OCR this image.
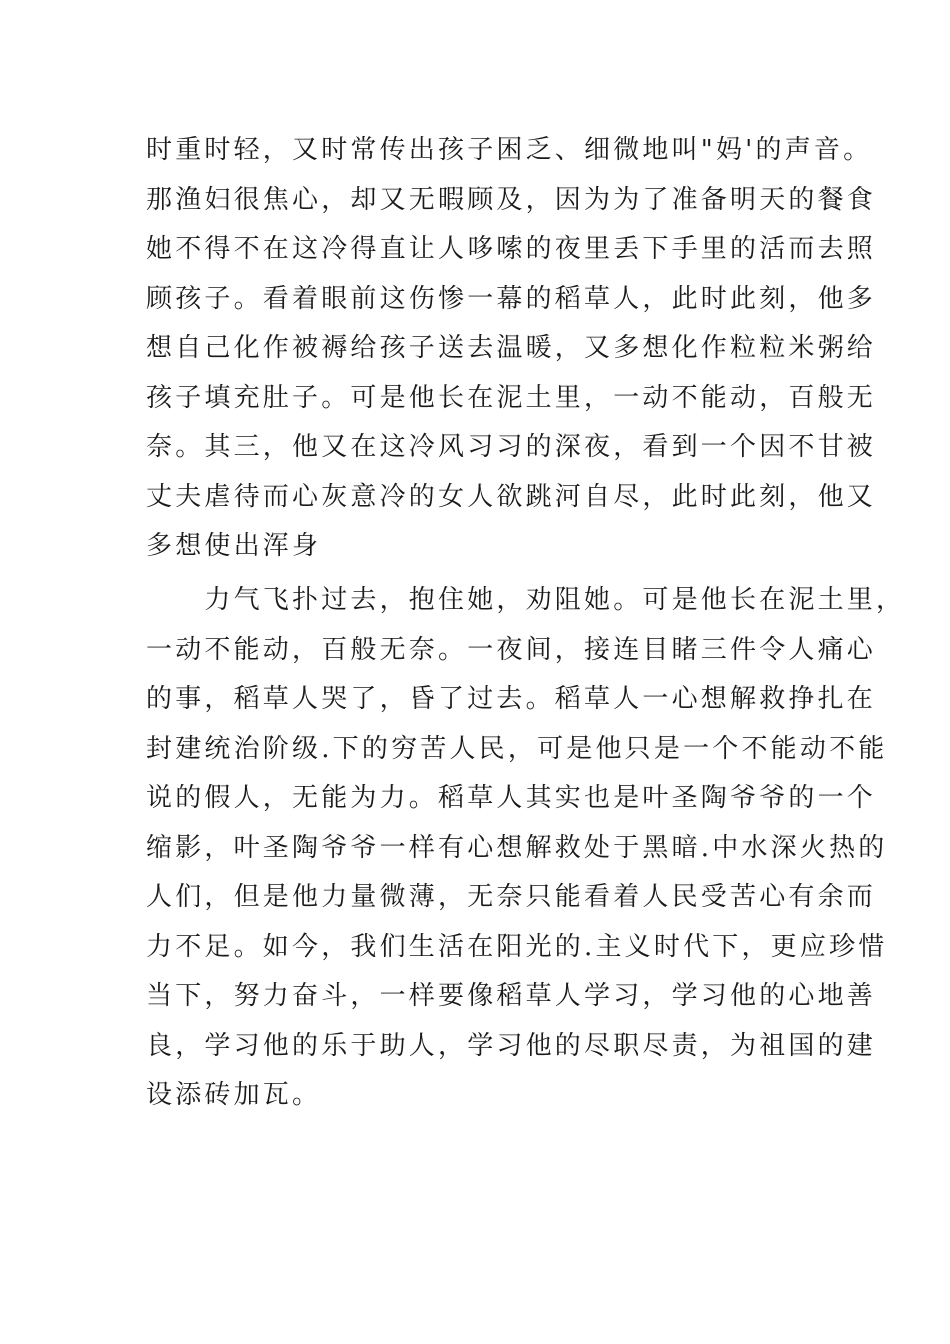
时重时轻，又时常传出孩子困乏、细微地叫"妈'的声音。
那渔妇很焦心，却又无暇顾及，因为为了准备明天的餐食
她不得不在这冷得直让人哆嗦的夜里丢下手里的活而去照
顾孩子。看着眼前这伤惨一幕的稻草人，此时此刻，他多
想自己化作被褥给孩子送去温暖，又多想化作粒粒米粥给
孩子填充肚子。可是他长在泥土里，一动不能动，百般无
奈。其三，他又在这冷风习习的深夜，看到一个因不甘被
丈夫虐待而心灰意冷的女人欲跳河自尽，此时此刻，他又
多想使出浑身
　　力气飞扑过去，抱住她，劝阻她。可是他长在泥土里，
一动不能动，百般无奈。一夜间，接连目睹三件令人痛心
的事，稻草人哭了，昏了过去。稻草人一心想解救挣扎在
封建统治阶级.下的穷苦人民，可是他只是一个不能动不能
说的假人，无能为力。稻草人其实也是叶圣陶爷爷的一个
缩影，叶圣陶爷爷一样有心想解救处于黑暗.中水深火热的
人们，但是他力量微薄，无奈只能看着人民受苦心有余而
力不足。如今，我们生活在阳光的.主义时代下，更应珍惜
当下，努力奋斗，一样要像稻草人学习，学习他的心地善
良，学习他的乐于助人，学习他的尽职尽责，为祖国的建
设添砖加瓦。
